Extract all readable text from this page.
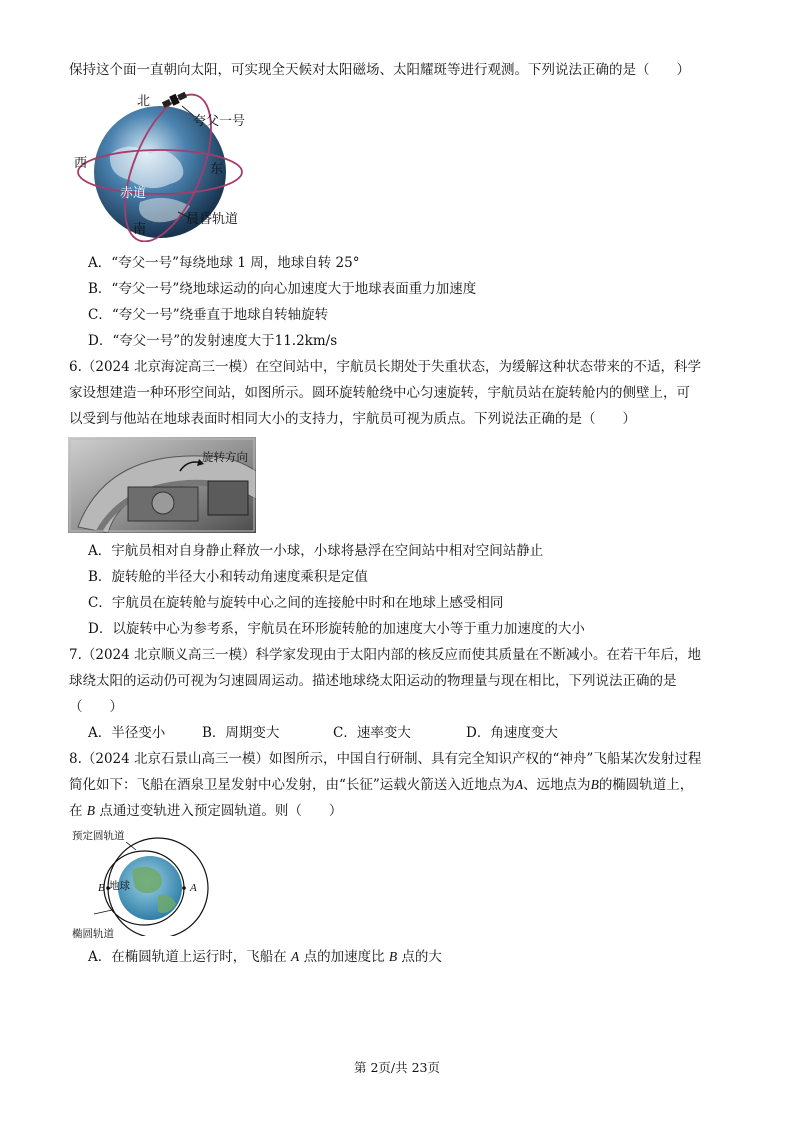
保持这个面一直朝向太阳，可实现全天候对太阳磁场、太阳耀斑等进行观测。下列说法正确的是（　　）
北
夸父一号
西	东
赤道
晨昏轨道
南
A．“夸父一号”每绕地球 1 周，地球自转 25°
B．“夸父一号”绕地球运动的向心加速度大于地球表面重力加速度
C．“夸父一号”绕垂直于地球自转轴旋转
D．“夸父一号”的发射速度大于11.2km/s
6.（2024 北京海淀高三一模）在空间站中，宇航员长期处于失重状态，为缓解这种状态带来的不适，科学
家设想建造一种环形空间站，如图所示。圆环旋转舱绕中心匀速旋转，宇航员站在旋转舱内的侧壁上，可
以受到与他站在地球表面时相同大小的支持力，宇航员可视为质点。下列说法正确的是（　　）
旋转方向
A．宇航员相对自身静止释放一小球，小球将悬浮在空间站中相对空间站静止
B．旋转舱的半径大小和转动角速度乘积是定值
C．宇航员在旋转舱与旋转中心之间的连接舱中时和在地球上感受相同
D．以旋转中心为参考系，宇航员在环形旋转舱的加速度大小等于重力加速度的大小
7.（2024 北京顺义高三一模）科学家发现由于太阳内部的核反应而使其质量在不断减小。在若干年后，地
球绕太阳的运动仍可视为匀速圆周运动。描述地球绕太阳运动的物理量与现在相比，下列说法正确的是
（　　）
A．半径变小	B．周期变大	C．速率变大	D．角速度变大
8.（2024 北京石景山高三一模）如图所示，中国自行研制、具有完全知识产权的“神舟”飞船某次发射过程
简化如下：飞船在酒泉卫星发射中心发射，由“长征”运载火箭送入近地点为A、远地点为B的椭圆轨道上，
在 B 点通过变轨进入预定圆轨道。则（　　）
预定圆轨道
地球
B	A
椭圆轨道
A．在椭圆轨道上运行时，飞船在 A 点的加速度比 B 点的大
第 2页/共 23页
